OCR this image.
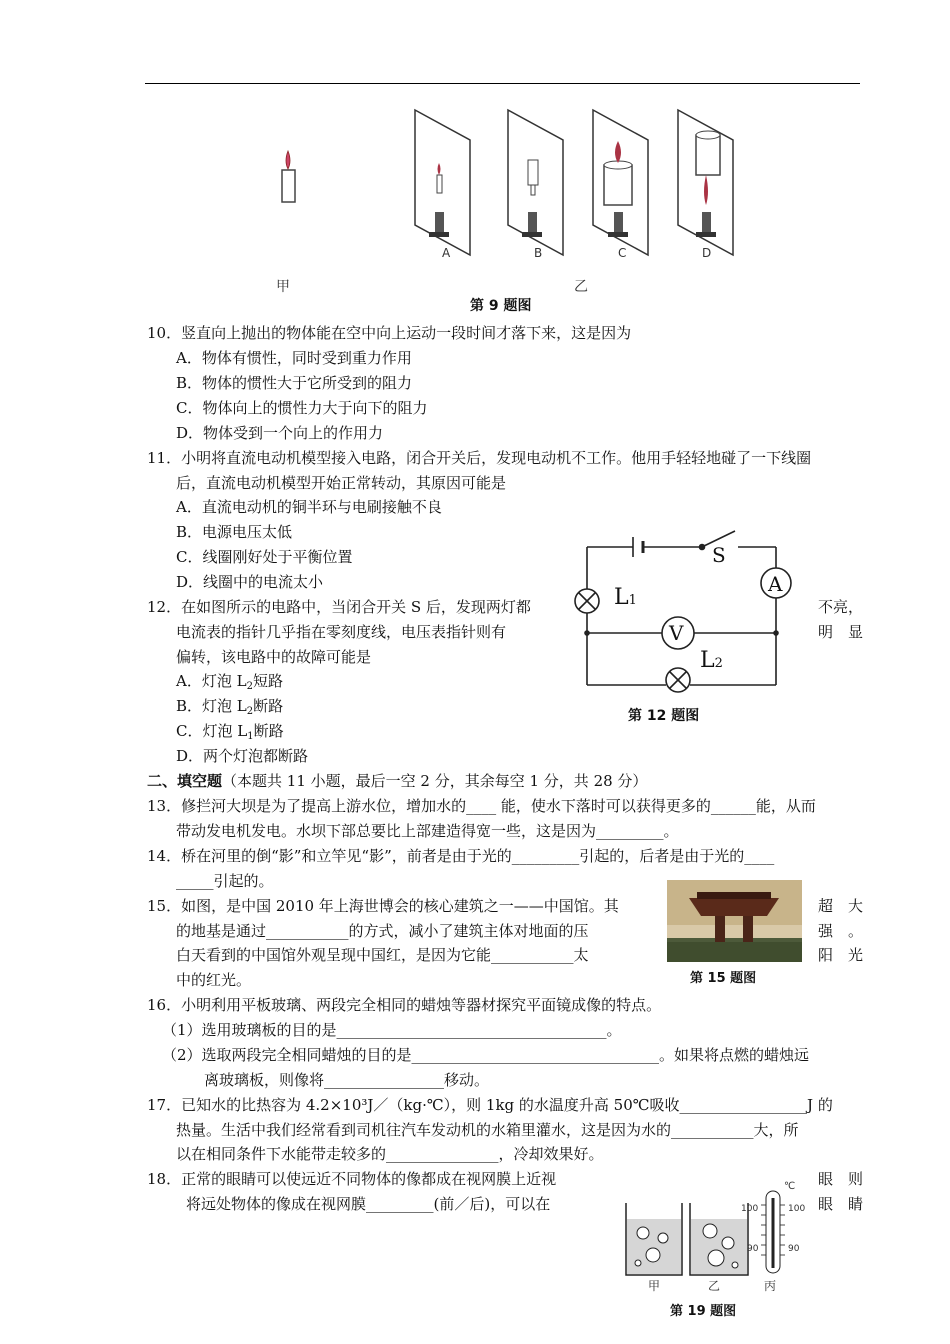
A	B	C	D
甲	乙
第 9 题图
10．竖直向上抛出的物体能在空中向上运动一段时间才落下来，这是因为
A．物体有惯性，同时受到重力作用
B．物体的惯性大于它所受到的阻力
C．物体向上的惯性力大于向下的阻力
D．物体受到一个向上的作用力
11．小明将直流电动机模型接入电路，闭合开关后，发现电动机不工作。他用手轻轻地碰了一下线圈
后，直流电动机模型开始正常转动，其原因可能是
A．直流电动机的铜半环与电刷接触不良
B．电源电压太低
C．线圈刚好处于平衡位置
D．线圈中的电流太小
S
A
V
L1
L2
第 12 题图
12．在如图所示的电路中，当闭合开关 S 后，发现两灯都	不亮，
电流表的指针几乎指在零刻度线，电压表指针则有	明　显
偏转，该电路中的故障可能是
A．灯泡 $L_2$短路
B．灯泡 $L_2$断路
C．灯泡 $L_1$断路
D．两个灯泡都断路
二、填空题（本题共 11 小题，最后一空 2 分，其余每空 1 分，共 28 分）
13．修拦河大坝是为了提高上游水位，增加水的____ 能，使水下落时可以获得更多的______能，从而
带动发电机发电。水坝下部总要比上部建造得宽一些，这是因为_________。
14．桥在河里的倒“影”和立竿见“影”，前者是由于光的_________引起的，后者是由于光的____
_____引起的。
第 15 题图
15．如图，是中国 2010 年上海世博会的核心建筑之一——中国馆。其	超　大
的地基是通过___________的方式，减小了建筑主体对地面的压	强　。
白天看到的中国馆外观呈现中国红，是因为它能___________太	阳　光
中的红光。
16．小明利用平板玻璃、两段完全相同的蜡烛等器材探究平面镜成像的特点。
（1）选用玻璃板的目的是____________________________________。
（2）选取两段完全相同蜡烛的目的是_________________________________。如果将点燃的蜡烛远
离玻璃板，则像将________________移动。
17．已知水的比热容为 4.2×10³J／（kg·℃），则 1kg 的水温度升高 50℃吸收_________________J 的
热量。生活中我们经常看到司机往汽车发动机的水箱里灌水，这是因为水的___________大，所
以在相同条件下水能带走较多的_______________，冷却效果好。
18．正常的眼睛可以使远近不同物体的像都成在视网膜上近视	眼　则
将远处物体的像成在视网膜_________(前／后)，可以在	眼　睛
℃
100	100
90	90
甲	乙	丙
第 19 题图
